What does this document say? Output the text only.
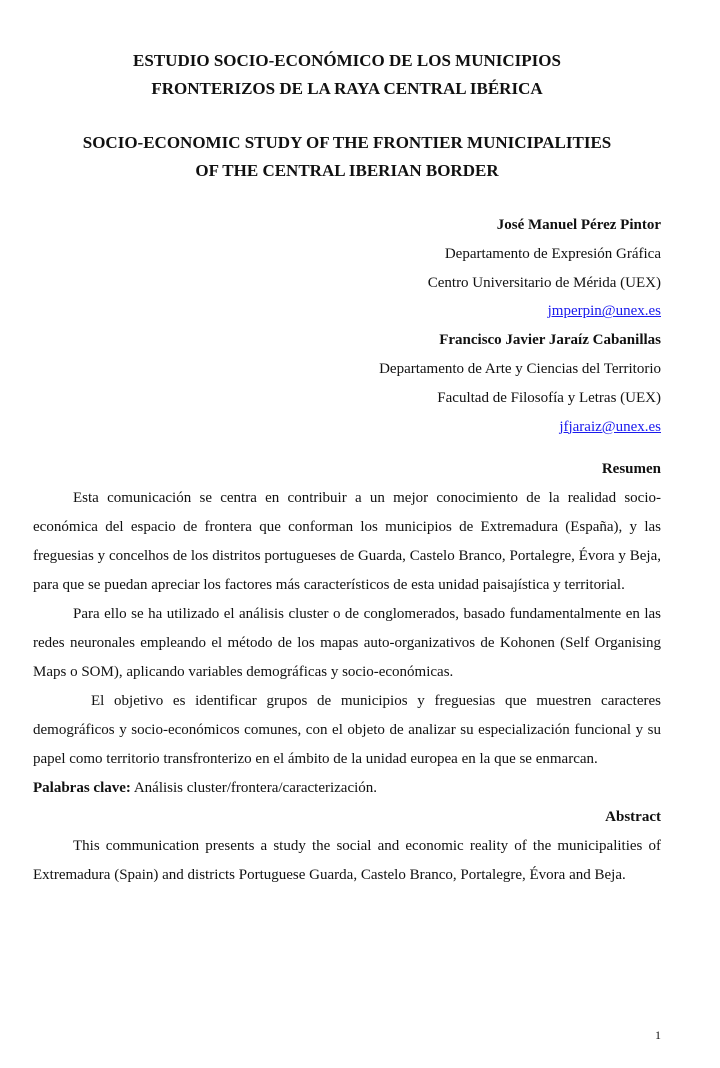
ESTUDIO SOCIO-ECONÓMICO DE LOS MUNICIPIOS
FRONTERIZOS DE LA RAYA CENTRAL IBÉRICA
SOCIO-ECONOMIC STUDY OF THE FRONTIER MUNICIPALITIES
OF THE CENTRAL IBERIAN BORDER
José Manuel Pérez Pintor
Departamento de Expresión Gráfica
Centro Universitario de Mérida (UEX)
jmperpin@unex.es
Francisco Javier Jaraíz Cabanillas
Departamento de Arte y Ciencias del Territorio
Facultad de Filosofía y Letras (UEX)
jfjaraiz@unex.es
Resumen

Esta comunicación se centra en contribuir a un mejor conocimiento de la realidad socio-económica del espacio de frontera que conforman los municipios de Extremadura (España), y las freguesias y concelhos de los distritos portugueses de Guarda, Castelo Branco, Portalegre, Évora y Beja, para que se puedan apreciar los factores más característicos de esta unidad paisajística y territorial.

Para ello se ha utilizado el análisis cluster o de conglomerados, basado fundamentalmente en las redes neuronales empleando el método de los mapas auto-organizativos de Kohonen (Self Organising Maps o SOM), aplicando variables demográficas y socio-económicas.

El objetivo es identificar grupos de municipios y freguesias que muestren caracteres demográficos y socio-económicos comunes, con el objeto de analizar su especialización funcional y su papel como territorio transfronterizo en el ámbito de la unidad europea en la que se enmarcan.

Palabras clave: Análisis cluster/frontera/caracterización.

Abstract

This communication presents a study the social and economic reality of the municipalities of Extremadura (Spain) and districts Portuguese Guarda, Castelo Branco, Portalegre, Évora and Beja.

1
